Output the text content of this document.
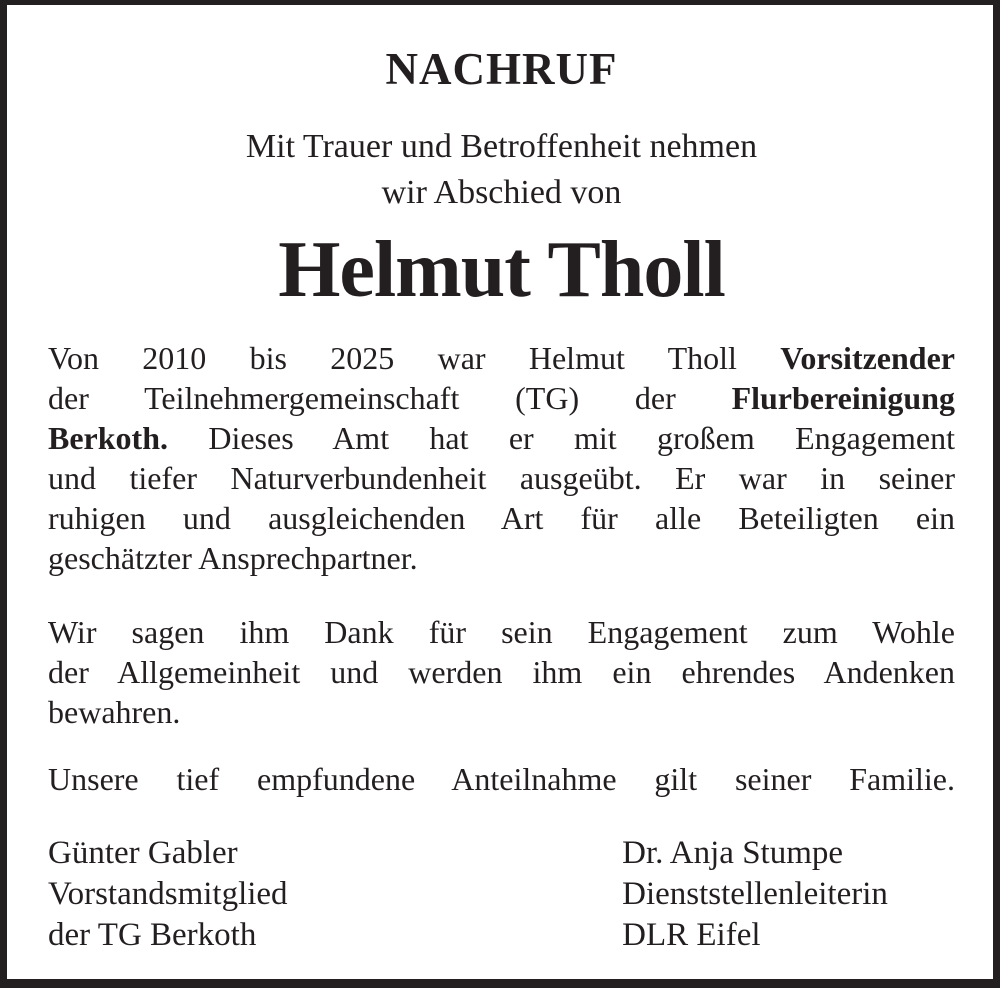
NACHRUF
Mit Trauer und Betroffenheit nehmen
wir Abschied von
Helmut Tholl
Von 2010 bis 2025 war Helmut Tholl Vorsitzender
der Teilnehmergemeinschaft (TG) der Flurbereinigung
Berkoth. Dieses Amt hat er mit großem Engagement
und tiefer Naturverbundenheit ausgeübt. Er war in seiner
ruhigen und ausgleichenden Art für alle Beteiligten ein
geschätzter Ansprechpartner.
Wir sagen ihm Dank für sein Engagement zum Wohle
der Allgemeinheit und werden ihm ein ehrendes Andenken
bewahren.
Unsere tief empfundene Anteilnahme gilt seiner Familie.
Günter Gabler
Vorstandsmitglied
der TG Berkoth
Dr. Anja Stumpe
Dienststellenleiterin
DLR Eifel
